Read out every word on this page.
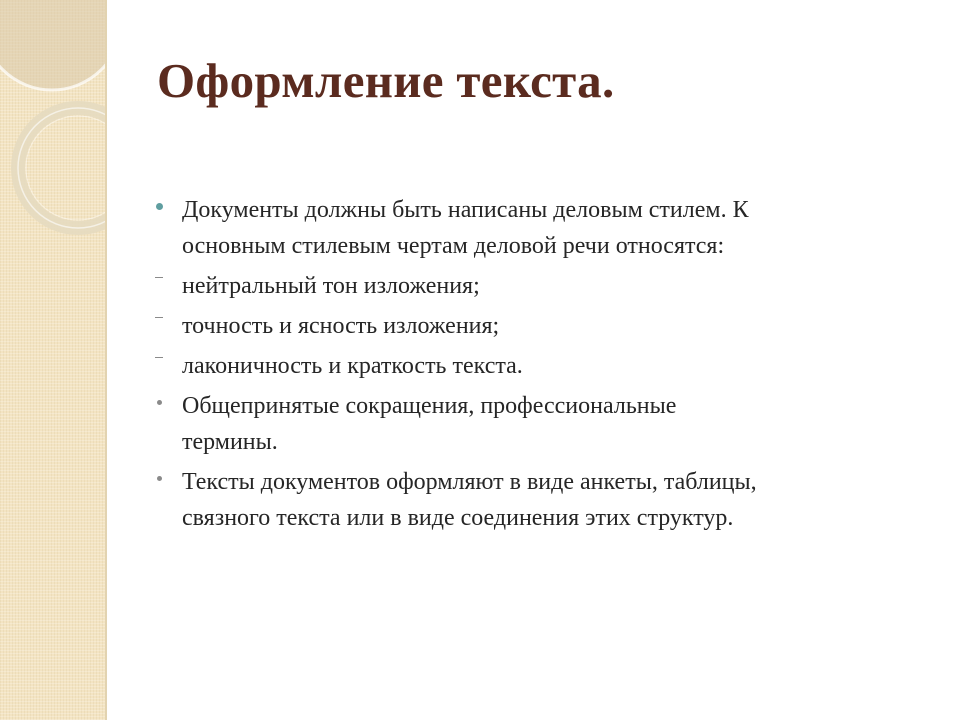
Оформление текста.
Документы должны быть написаны деловым стилем. К
основным стилевым чертам деловой речи относятся:
нейтральный тон изложения;
точность и ясность изложения;
лаконичность и краткость текста.
Общепринятые сокращения, профессиональные
термины.
Тексты документов оформляют в виде анкеты, таблицы,
связного текста или в виде соединения этих структур.
